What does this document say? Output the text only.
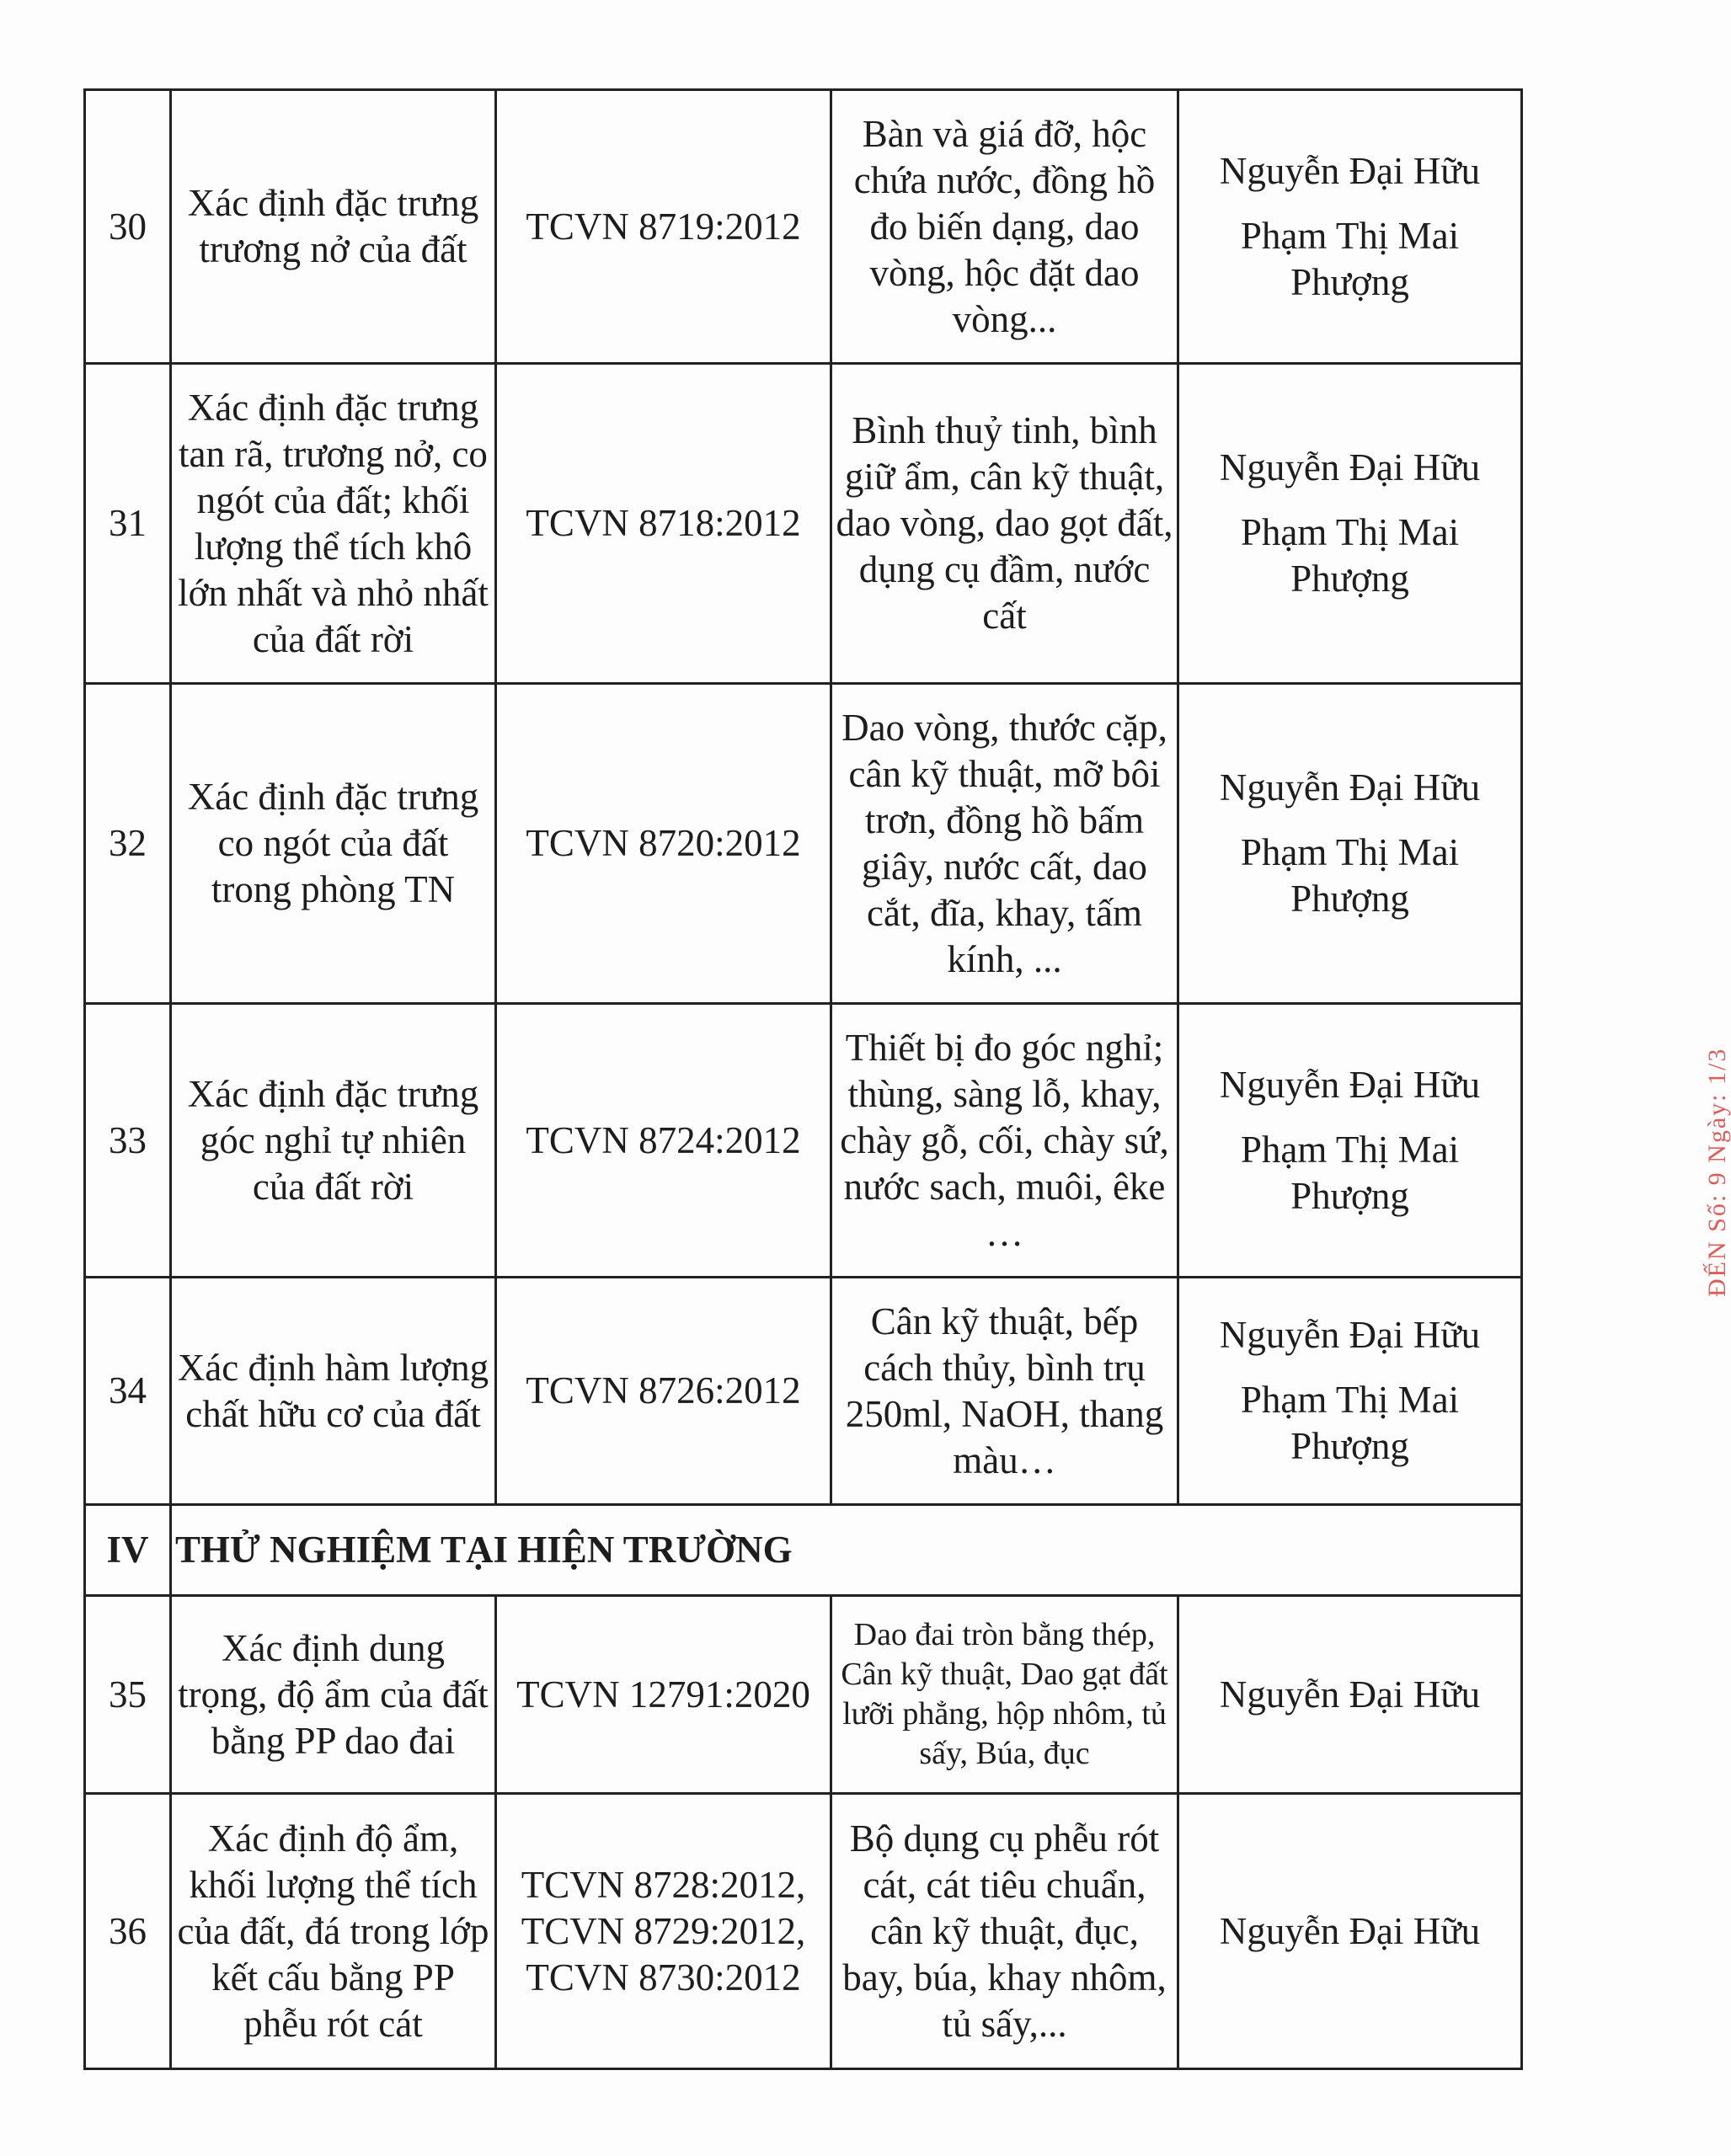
30	Xác định đặc trưng trương nở của đất	TCVN 8719:2012	Bàn và giá đỡ, hộc chứa nước, đồng hồ đo biến dạng, dao vòng, hộc đặt dao vòng...	Nguyễn Đại Hữu
Phạm Thị Mai Phượng

31	Xác định đặc trưng tan rã, trương nở, co ngót của đất; khối lượng thể tích khô lớn nhất và nhỏ nhất của đất rời	TCVN 8718:2012	Bình thuỷ tinh, bình giữ ẩm, cân kỹ thuật, dao vòng, dao gọt đất, dụng cụ đầm, nước cất	Nguyễn Đại Hữu
Phạm Thị Mai Phượng

32	Xác định đặc trưng co ngót của đất trong phòng TN	TCVN 8720:2012	Dao vòng, thước cặp, cân kỹ thuật, mỡ bôi trơn, đồng hồ bấm giây, nước cất, dao cắt, đĩa, khay, tấm kính, ...	Nguyễn Đại Hữu
Phạm Thị Mai Phượng

33	Xác định đặc trưng góc nghỉ tự nhiên của đất rời	TCVN 8724:2012	Thiết bị đo góc nghỉ; thùng, sàng lỗ, khay, chày gỗ, cối, chày sứ, nước sach, muôi, êke …	Nguyễn Đại Hữu
Phạm Thị Mai Phượng

34	Xác định hàm lượng chất hữu cơ của đất	TCVN 8726:2012	Cân kỹ thuật, bếp cách thủy, bình trụ 250ml, NaOH, thang màu…	Nguyễn Đại Hữu
Phạm Thị Mai Phượng

IV	THỬ NGHIỆM TẠI HIỆN TRƯỜNG			
35	Xác định dung trọng, độ ẩm của đất bằng PP dao đai	TCVN 12791:2020	Dao đai tròn bằng thép, Cân kỹ thuật, Dao gạt đất lưỡi phẳng, hộp nhôm, tủ sấy, Búa, đục	Nguyễn Đại Hữu

36	Xác định độ ẩm, khối lượng thể tích của đất, đá trong lớp kết cấu bằng PP phễu rót cát	TCVN 8728:2012, TCVN 8729:2012, TCVN 8730:2012	Bộ dụng cụ phễu rót cát, cát tiêu chuẩn, cân kỹ thuật, đục, bay, búa, khay nhôm, tủ sấy,...	Nguyễn Đại Hữu
ĐẾN Số: 9 Ngày: 1/3
